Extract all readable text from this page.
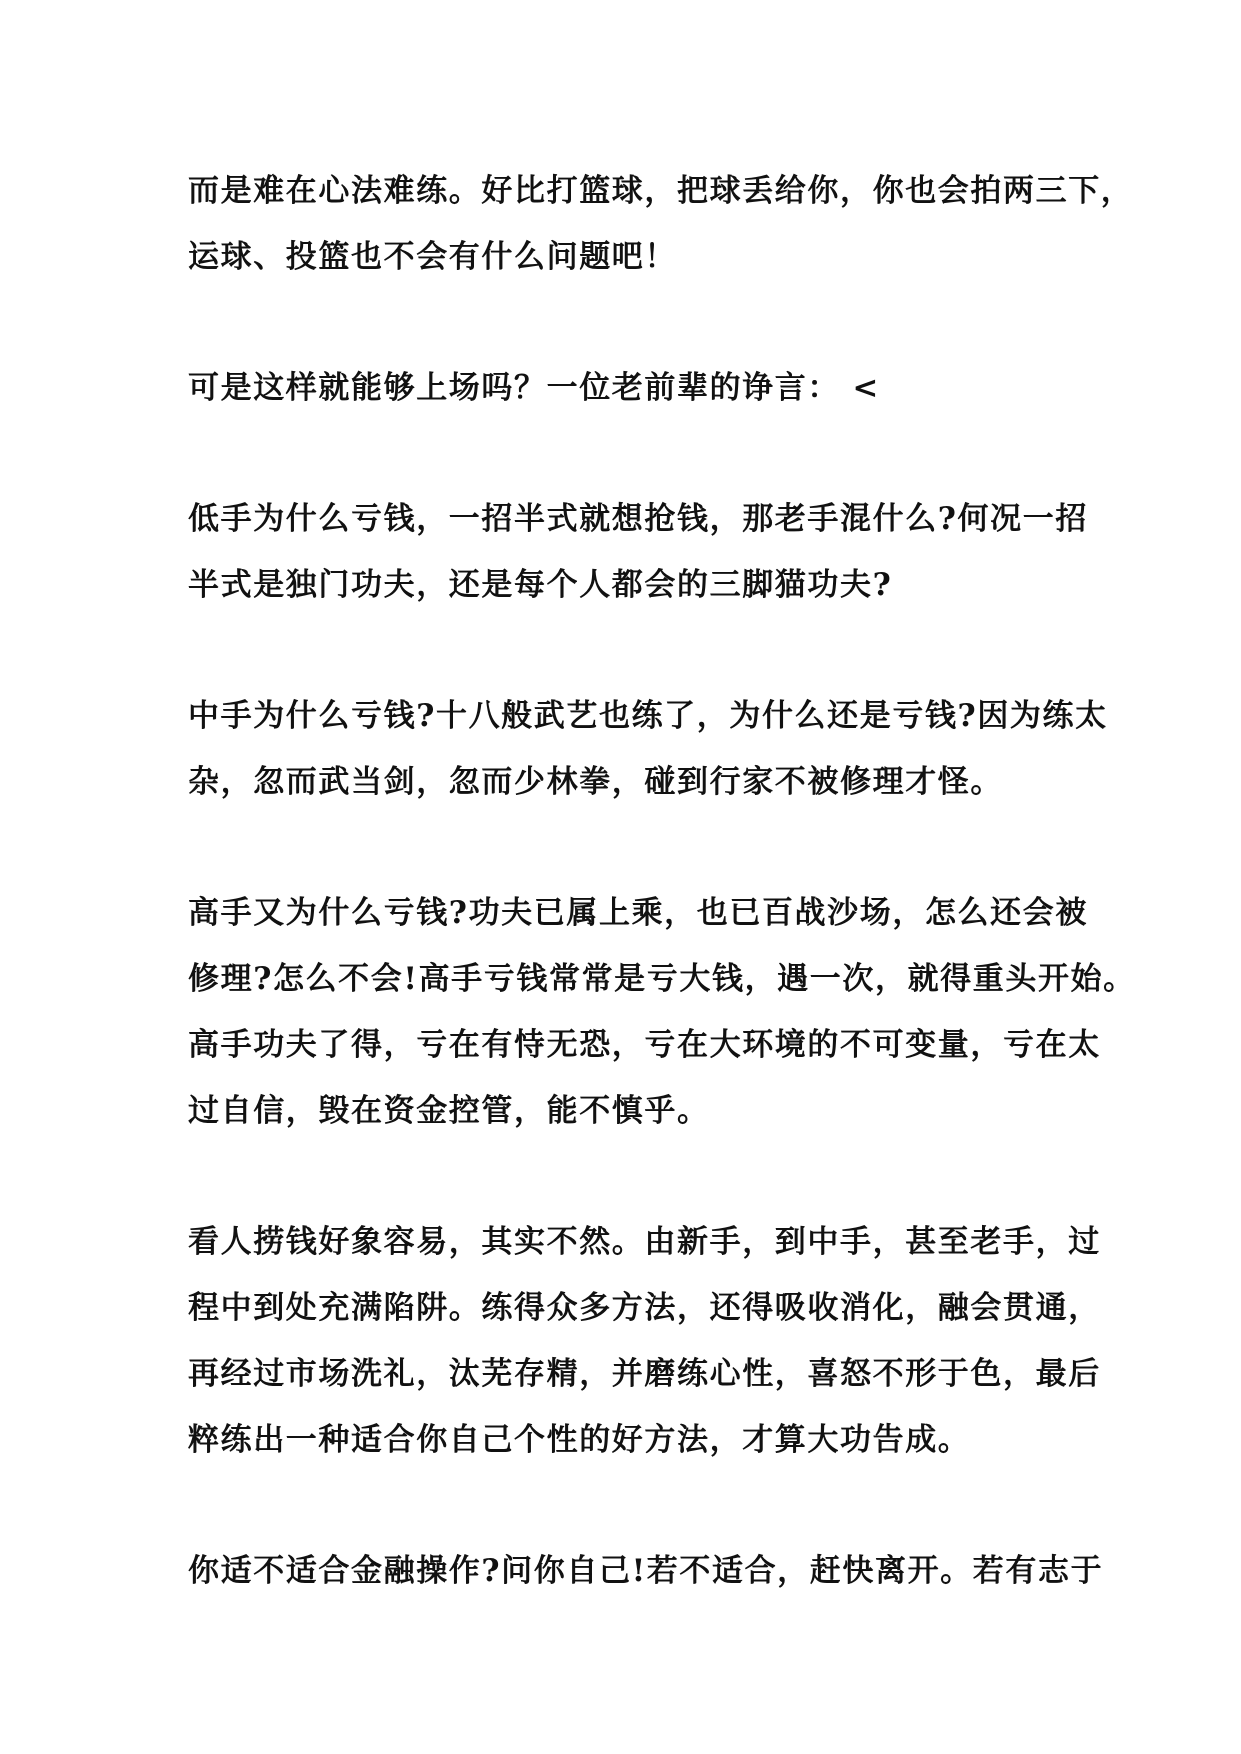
而是难在心法难练。好比打篮球，把球丢给你，你也会拍两三下，
运球、投篮也不会有什么问题吧！

可是这样就能够上场吗？一位老前辈的诤言： <

低手为什么亏钱，一招半式就想抢钱，那老手混什么?何况一招
半式是独门功夫，还是每个人都会的三脚猫功夫?

中手为什么亏钱?十八般武艺也练了，为什么还是亏钱?因为练太
杂，忽而武当剑，忽而少林拳，碰到行家不被修理才怪。

高手又为什么亏钱?功夫已属上乘，也已百战沙场，怎么还会被
修理?怎么不会!高手亏钱常常是亏大钱，遇一次，就得重头开始。
高手功夫了得，亏在有恃无恐，亏在大环境的不可变量，亏在太
过自信，毁在资金控管，能不慎乎。

看人捞钱好象容易，其实不然。由新手，到中手，甚至老手，过
程中到处充满陷阱。练得众多方法，还得吸收消化，融会贯通，
再经过市场洗礼，汰芜存精，并磨练心性，喜怒不形于色，最后
粹练出一种适合你自己个性的好方法，才算大功告成。

你适不适合金融操作?问你自己!若不适合，赶快离开。若有志于
